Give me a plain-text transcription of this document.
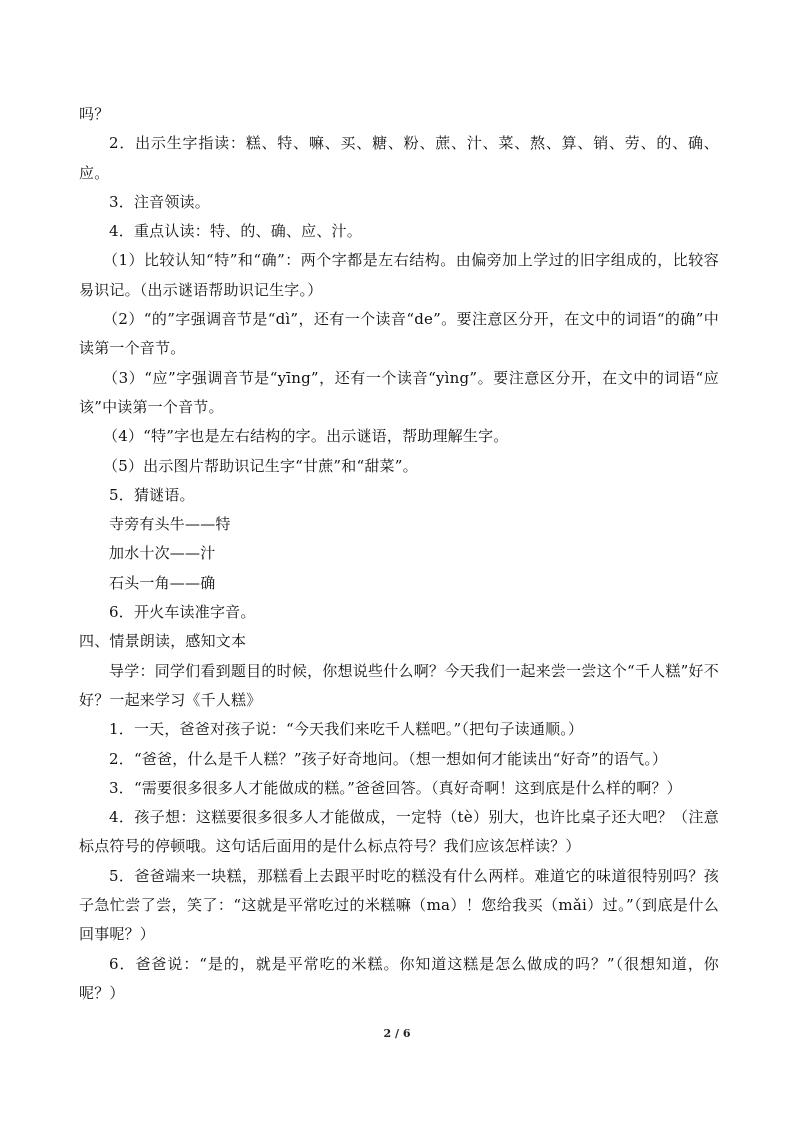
吗？

2．出示生字指读：糕、特、嘛、买、糖、粉、蔗、汁、菜、熬、算、销、劳、的、确、应。

3．注音领读。

4．重点认读：特、的、确、应、汁。

（1）比较认知“特”和“确”：两个字都是左右结构。由偏旁加上学过的旧字组成的，比较容易识记。（出示谜语帮助识记生字。）

（2）“的”字强调音节是“dì”，还有一个读音“de”。要注意区分开，在文中的词语“的确”中读第一个音节。

（3）“应”字强调音节是“yīng”，还有一个读音“yìng”。要注意区分开，在文中的词语“应该”中读第一个音节。

（4）“特”字也是左右结构的字。出示谜语，帮助理解生字。

（5）出示图片帮助识记生字“甘蔗”和“甜菜”。

5．猜谜语。

寺旁有头牛——特

加水十次——汁

石头一角——确

6．开火车读准字音。

四、情景朗读，感知文本

导学：同学们看到题目的时候，你想说些什么啊？今天我们一起来尝一尝这个“千人糕”好不好？一起来学习《千人糕》

1．一天，爸爸对孩子说：“今天我们来吃千人糕吧。”（把句子读通顺。）

2．“爸爸，什么是千人糕？”孩子好奇地问。（想一想如何才能读出“好奇”的语气。）

3．“需要很多很多人才能做成的糕。”爸爸回答。（真好奇啊！这到底是什么样的啊？）

4．孩子想：这糕要很多很多人才能做成，一定特（tè）别大，也许比桌子还大吧？（注意标点符号的停顿哦。这句话后面用的是什么标点符号？我们应该怎样读？）

5．爸爸端来一块糕，那糕看上去跟平时吃的糕没有什么两样。难道它的味道很特别吗？孩子急忙尝了尝，笑了：“这就是平常吃过的米糕嘛（ma）！您给我买（mǎi）过。”（到底是什么回事呢？）

6．爸爸说：“是的，就是平常吃的米糕。你知道这糕是怎么做成的吗？”（很想知道，你呢？）

2 / 6
